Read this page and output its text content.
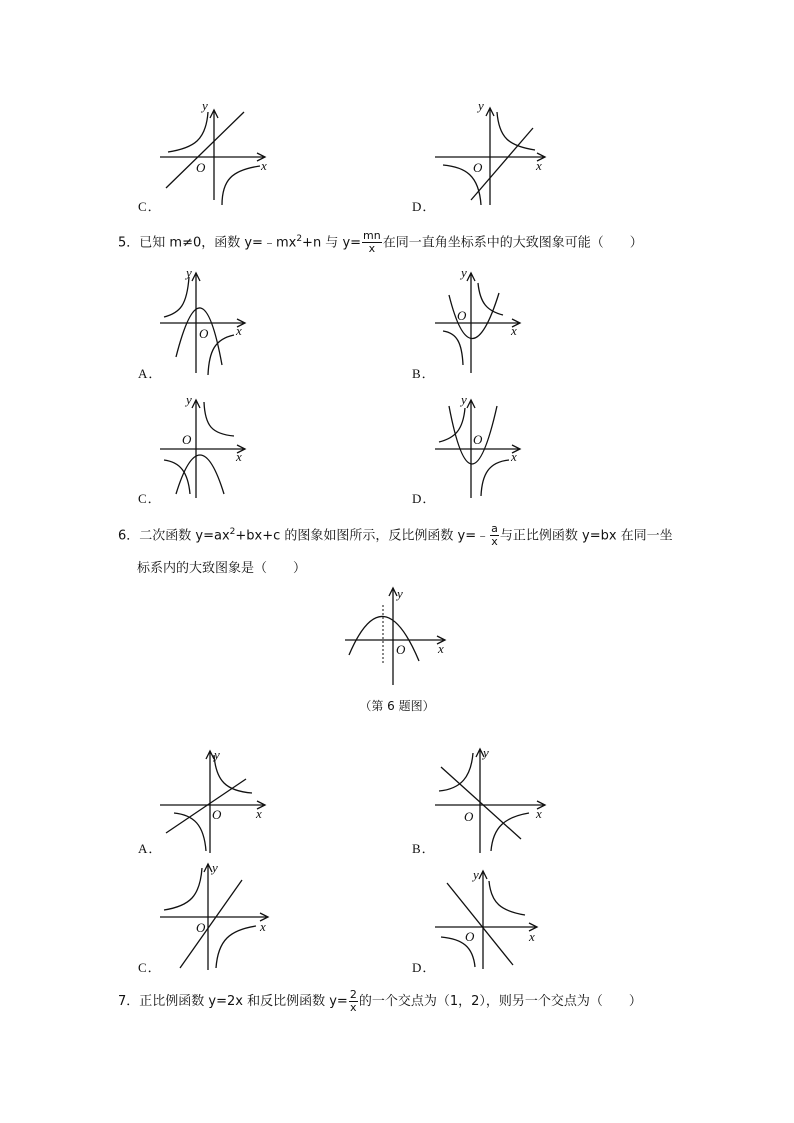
y
x
O
C．
y
x
O
D．
5．已知 m≠0，函数 $y=﹣mx^2+n$ 与 $y= \frac{mn}{x}$ 在同一直角坐标系中的大致图象可能（　　）
y
x
O
A．
y
x
O
B．
y
x
O
C．
y
x
O
D．
6．二次函数 $y=ax^2+bx+c$ 的图象如图所示，反比例函数 y=﹣ $\frac{a}{x}$ 与正比例函数 y=bx 在同一坐
标系内的大致图象是（　　）
y
x
O
（第 6 题图）
y
x
O
A．
y
x
O
B．
y
x
O
C．
y
x
O
D．
7．正比例函数 y=2x 和反比例函数 $y= \frac{2}{x}$ 的一个交点为（1，2），则另一个交点为（　　）
